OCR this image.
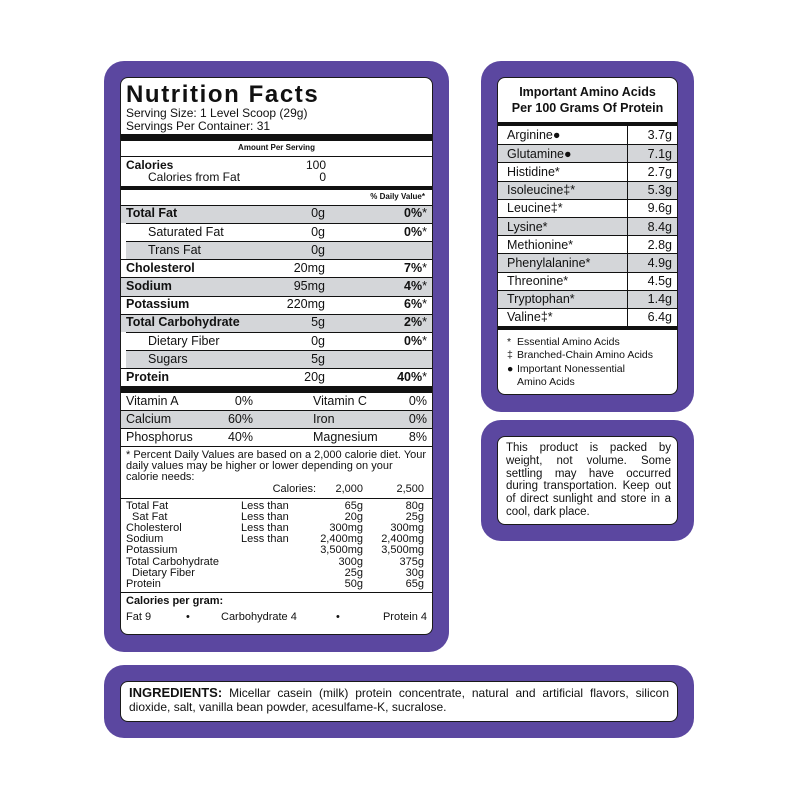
Nutrition Facts
Serving Size: 1 Level Scoop (29g)
Servings Per Container: 31
Amount Per Serving
Calories	100
Calories from Fat	0
% Daily Value*
Total Fat	0g	0%*
Saturated Fat	0g	0%*
Trans Fat	0g
Cholesterol	20mg	7%*
Sodium	95mg	4%*
Potassium	220mg	6%*
Total Carbohydrate	5g	2%*
Dietary Fiber	0g	0%*
Sugars	5g
Protein	20g	40%*
Vitamin A	0%	Vitamin C	0%
Calcium	60%	Iron	0%
Phosphorus	40%	Magnesium	8%
* Percent Daily Values are based on a 2,000 calorie diet. Your daily values may be higher or lower depending on your calorie needs:
Calories:	2,000	2,500
Total Fat	Less than	65g	80g
Sat Fat	Less than	20g	25g
Cholesterol	Less than	300mg	300mg
Sodium	Less than	2,400mg	2,400mg
Potassium	3,500mg	3,500mg
Total Carbohydrate	300g	375g
Dietary Fiber	25g	30g
Protein	50g	65g
Calories per gram:
Fat 9	•	Carbohydrate 4	•	Protein 4
Important Amino Acids
Per 100 Grams Of Protein
Arginine●	3.7g
Glutamine●	7.1g
Histidine*	2.7g
Isoleucine‡*	5.3g
Leucine‡*	9.6g
Lysine*	8.4g
Methionine*	2.8g
Phenylalanine*	4.9g
Threonine*	4.5g
Tryptophan*	1.4g
Valine‡*	6.4g
* Essential Amino Acids
‡ Branched-Chain Amino Acids
● Important Nonessential
Amino Acids
This product is packed by weight, not volume. Some settling may have occurred during transportation. Keep out of direct sunlight and store in a cool, dark place.
INGREDIENTS: Micellar casein (milk) protein concentrate, natural and artificial flavors, silicon dioxide, salt, vanilla bean powder, acesulfame-K, sucralose.
